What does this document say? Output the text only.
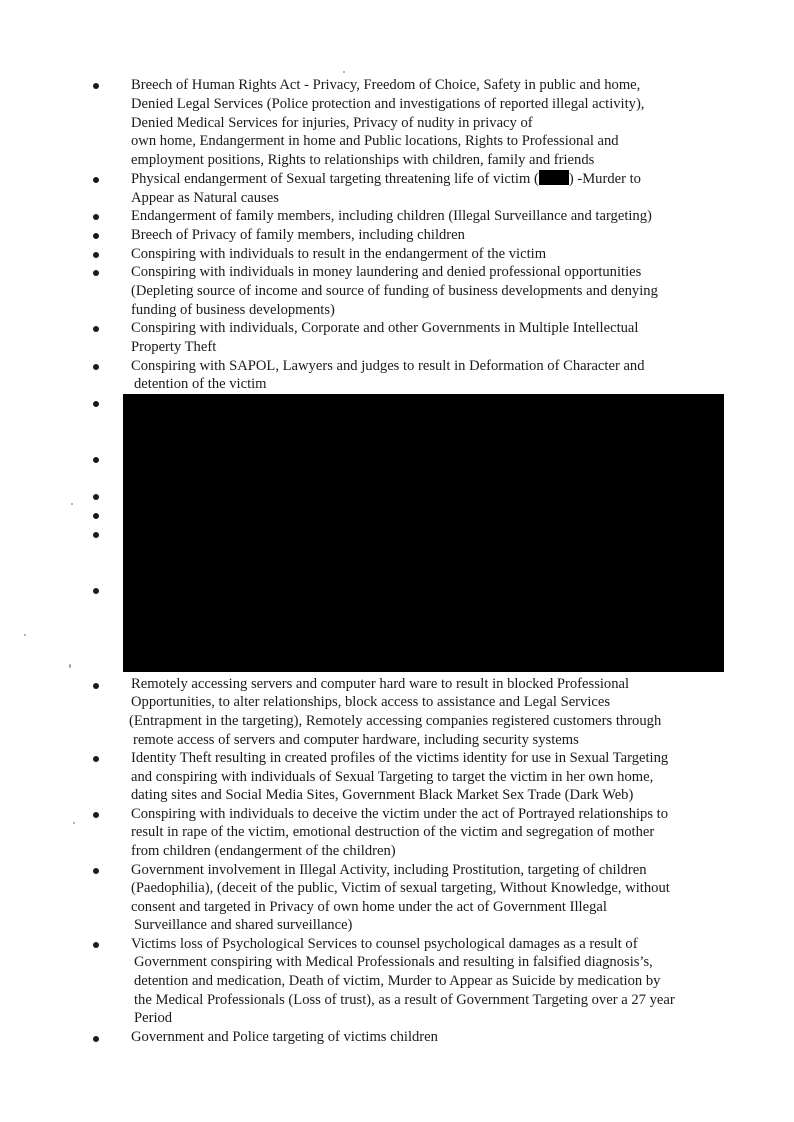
Breech of Human Rights Act - Privacy, Freedom of Choice, Safety in public and home,
Denied Legal Services (Police protection and investigations of reported illegal activity),
Denied Medical Services for injuries, Privacy of nudity in privacy of
own home, Endangerment in home and Public locations, Rights to Professional and
employment positions, Rights to relationships with children, family and friends
Physical endangerment of Sexual targeting threatening life of victim ( ) -Murder to
Appear as Natural causes
Endangerment of family members, including children (Illegal Surveillance and targeting)
Breech of Privacy of family members, including children
Conspiring with individuals to result in the endangerment of the victim
Conspiring with individuals in money laundering and denied professional opportunities
(Depleting source of income and source of funding of business developments and denying
funding of business developments)
Conspiring with individuals, Corporate and other Governments in Multiple Intellectual
Property Theft
Conspiring with SAPOL, Lawyers and judges to result in Deformation of Character and
detention of the victim
Remotely accessing servers and computer hard ware to result in blocked Professional
Opportunities, to alter relationships, block access to assistance and Legal Services
(Entrapment in the targeting), Remotely accessing companies registered customers through
remote access of servers and computer hardware, including security systems
Identity Theft resulting in created profiles of the victims identity for use in Sexual Targeting
and conspiring with individuals of Sexual Targeting to target the victim in her own home,
dating sites and Social Media Sites, Government Black Market Sex Trade (Dark Web)
Conspiring with individuals to deceive the victim under the act of Portrayed relationships to
result in rape of the victim, emotional destruction of the victim and segregation of mother
from children (endangerment of the children)
Government involvement in Illegal Activity, including Prostitution, targeting of children
(Paedophilia), (deceit of the public, Victim of sexual targeting, Without Knowledge, without
consent and targeted in Privacy of own home under the act of Government Illegal
Surveillance and shared surveillance)
Victims loss of Psychological Services to counsel psychological damages as a result of
Government conspiring with Medical Professionals and resulting in falsified diagnosis’s,
detention and medication, Death of victim, Murder to Appear as Suicide by medication by
the Medical Professionals (Loss of trust), as a result of Government Targeting over a 27 year
Period
Government and Police targeting of victims children
